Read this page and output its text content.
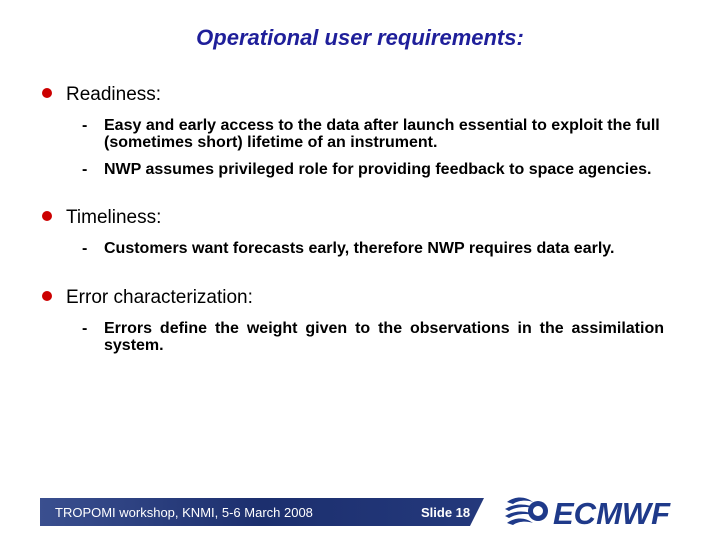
Operational user requirements:
Readiness:
- Easy and early access to the data after launch essential to exploit the full (sometimes short) lifetime of an instrument.
- NWP assumes privileged role for providing feedback to space agencies.
Timeliness:
- Customers want forecasts early, therefore NWP requires data early.
Error characterization:
- Errors define the weight given to the observations in the assimilation system.
TROPOMI workshop, KNMI, 5-6 March 2008	Slide 18	ECMWF
